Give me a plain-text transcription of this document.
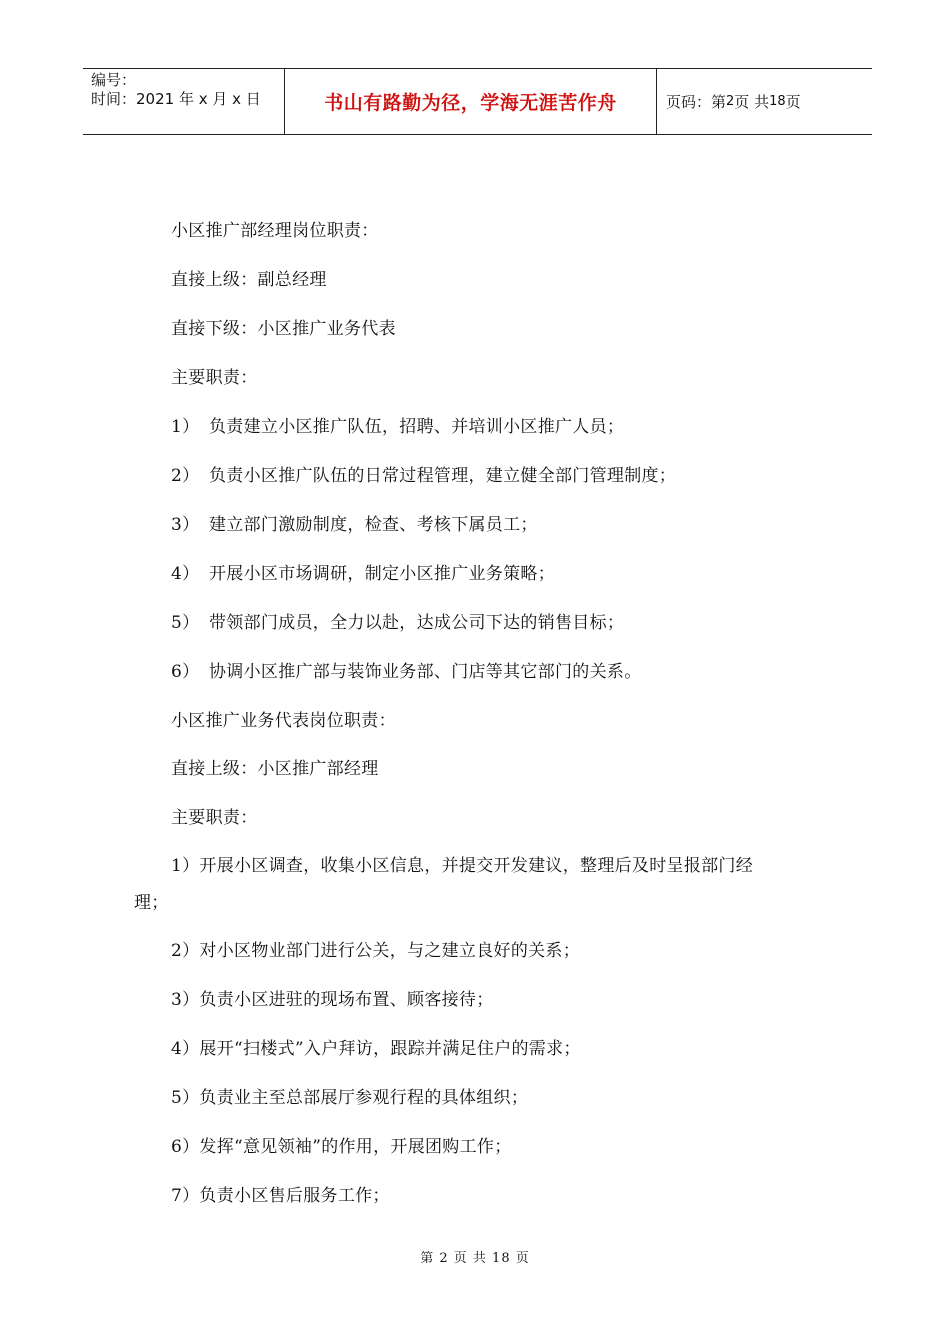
编号：
时间：2021 年 x 月 x 日	书山有路勤为径，学海无涯苦作舟	页码：第 2 页 共 18 页
小区推广部经理岗位职责：
直接上级：副总经理
直接下级：小区推广业务代表
主要职责：
1） 负责建立小区推广队伍，招聘、并培训小区推广人员；
2） 负责小区推广队伍的日常过程管理，建立健全部门管理制度；
3） 建立部门激励制度，检查、考核下属员工；
4） 开展小区市场调研，制定小区推广业务策略；
5） 带领部门成员，全力以赴，达成公司下达的销售目标；
6） 协调小区推广部与装饰业务部、门店等其它部门的关系。
小区推广业务代表岗位职责：
直接上级：小区推广部经理
主要职责：
1）开展小区调查，收集小区信息，并提交开发建议，整理后及时呈报部门经
理；
2）对小区物业部门进行公关，与之建立良好的关系；
3）负责小区进驻的现场布置、顾客接待；
4）展开“扫楼式”入户拜访，跟踪并满足住户的需求；
5）负责业主至总部展厅参观行程的具体组织；
6）发挥“意见领袖”的作用，开展团购工作；
7）负责小区售后服务工作；
第 2 页 共 18 页
